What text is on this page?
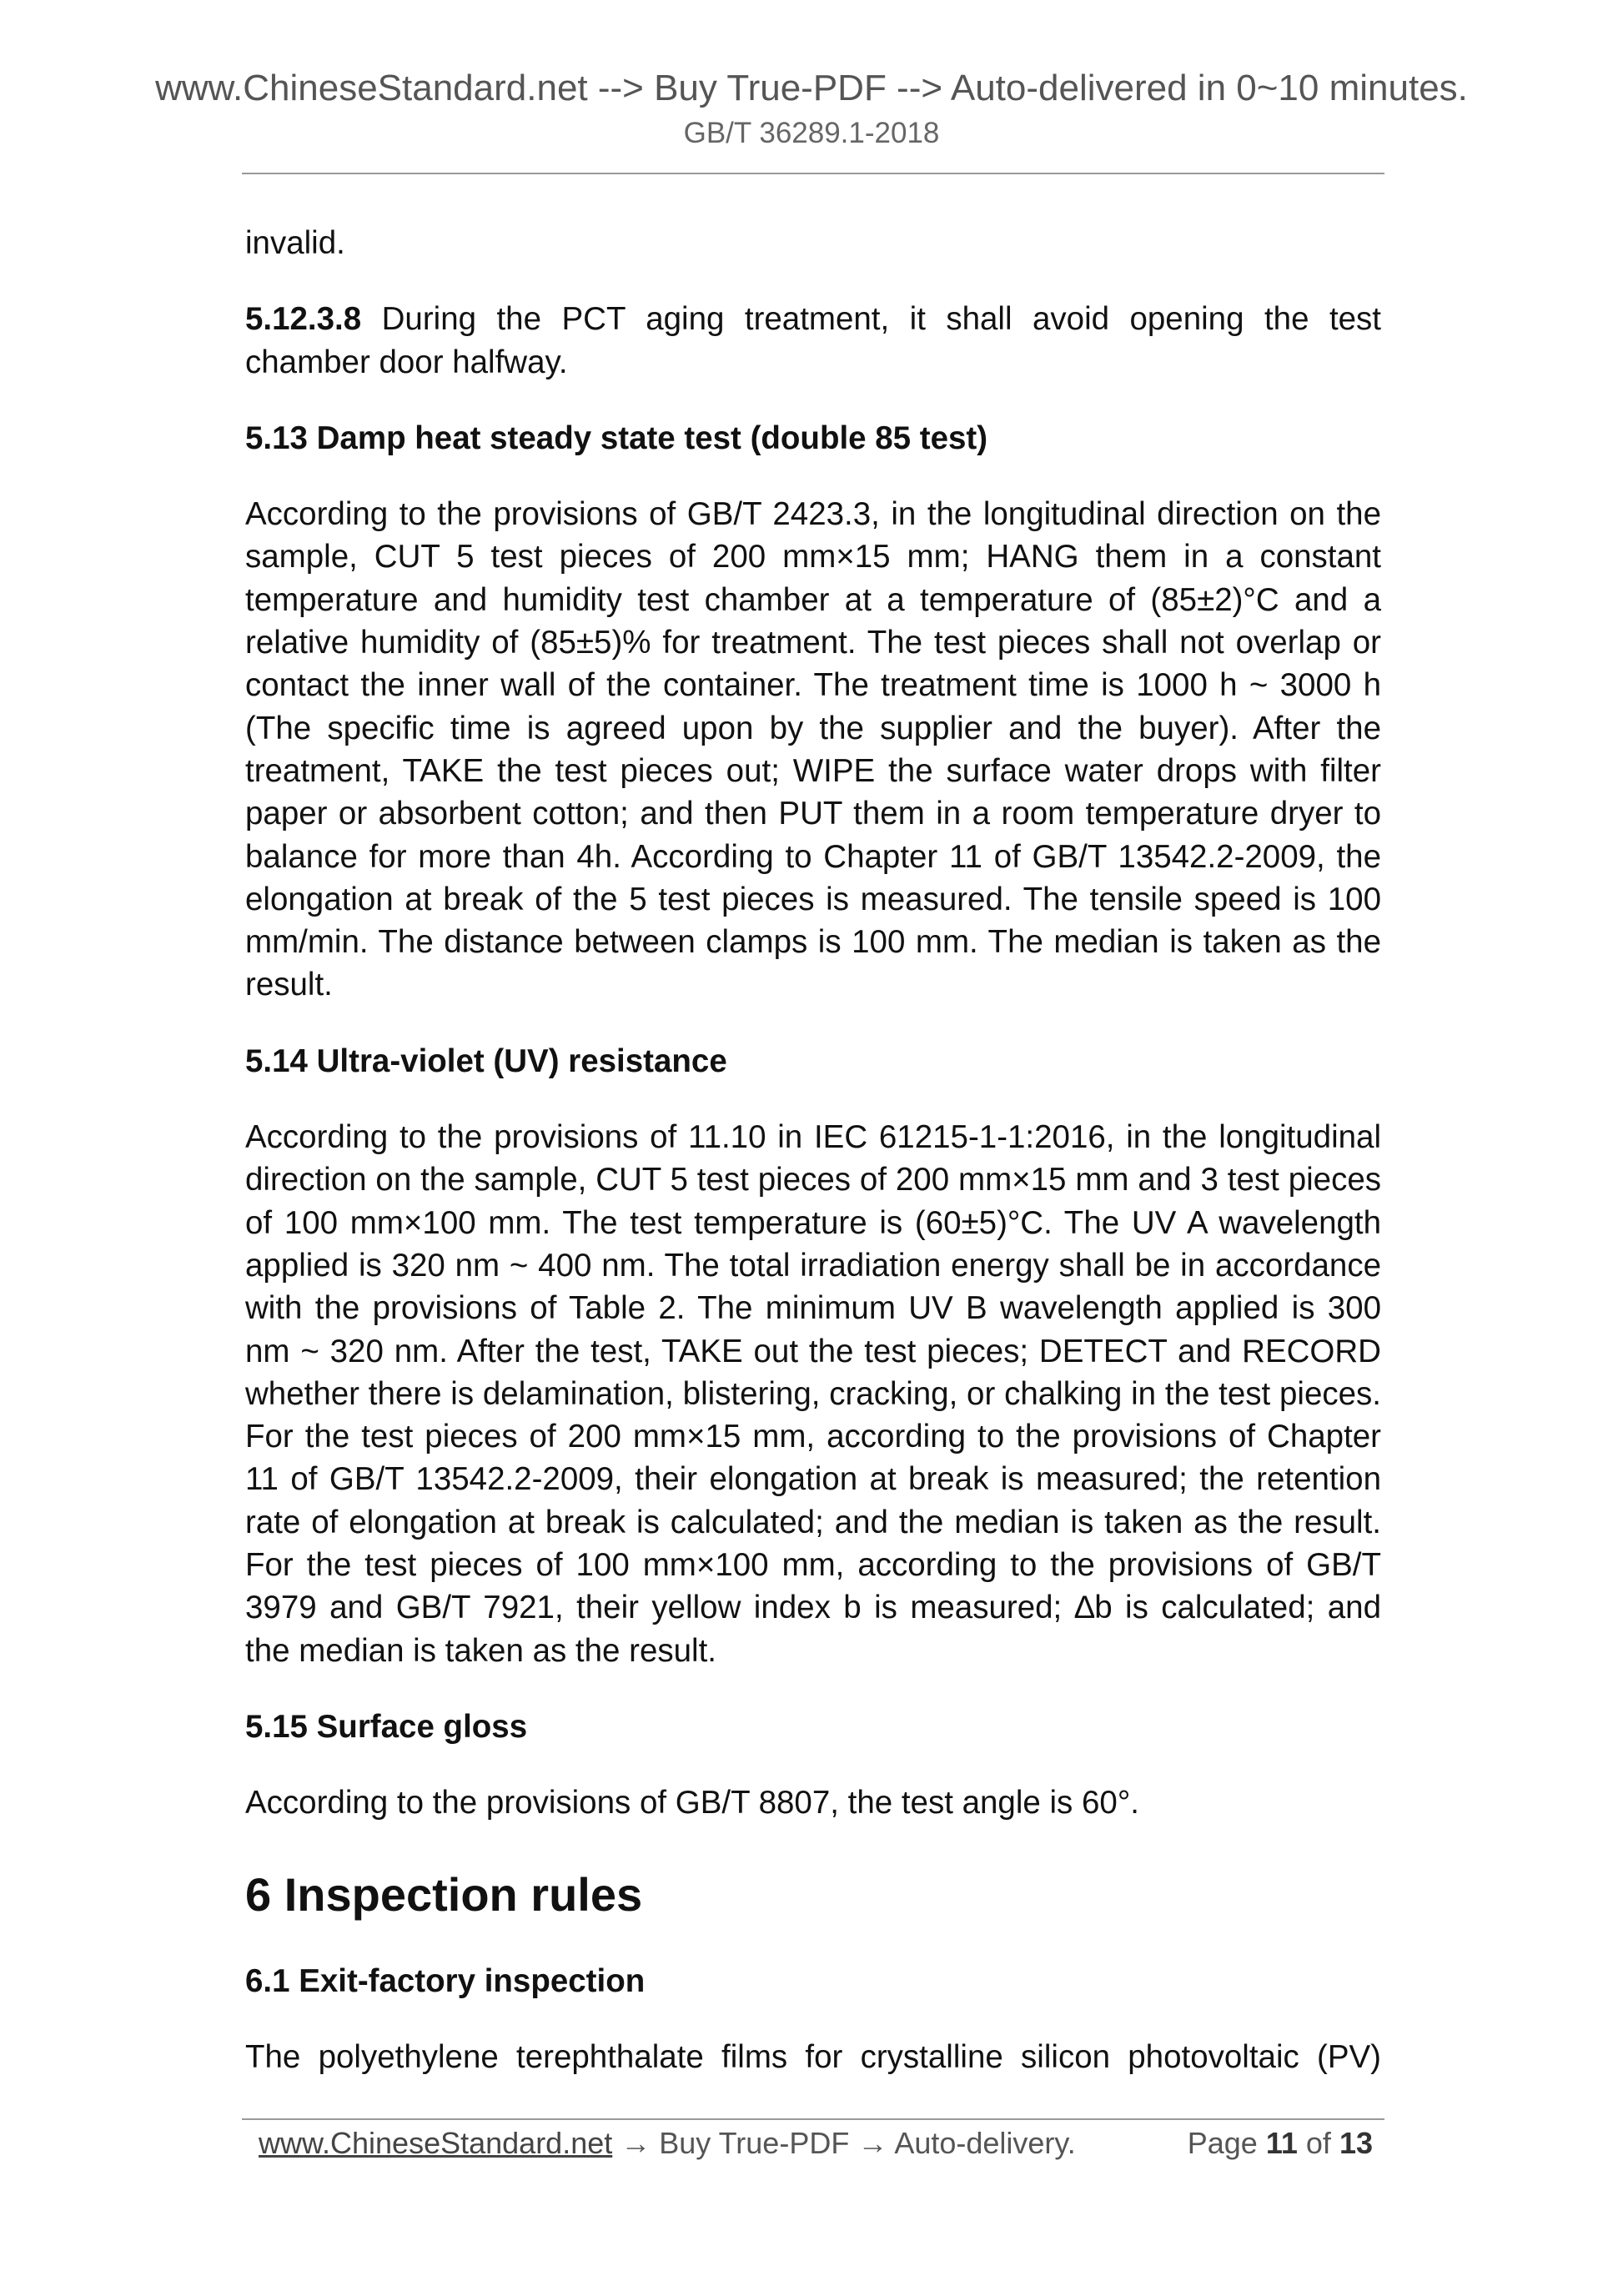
www.ChineseStandard.net --> Buy True-PDF --> Auto-delivered in 0~10 minutes.
GB/T 36289.1-2018

invalid.

5.12.3.8 During the PCT aging treatment, it shall avoid opening the test chamber door halfway.

5.13 Damp heat steady state test (double 85 test)

According to the provisions of GB/T 2423.3, in the longitudinal direction on the sample, CUT 5 test pieces of 200 mm×15 mm; HANG them in a constant temperature and humidity test chamber at a temperature of (85±2)°C and a relative humidity of (85±5)% for treatment. The test pieces shall not overlap or contact the inner wall of the container. The treatment time is 1000 h ~ 3000 h (The specific time is agreed upon by the supplier and the buyer). After the treatment, TAKE the test pieces out; WIPE the surface water drops with filter paper or absorbent cotton; and then PUT them in a room temperature dryer to balance for more than 4h. According to Chapter 11 of GB/T 13542.2-2009, the elongation at break of the 5 test pieces is measured. The tensile speed is 100 mm/min. The distance between clamps is 100 mm. The median is taken as the result.

5.14 Ultra-violet (UV) resistance

According to the provisions of 11.10 in IEC 61215-1-1:2016, in the longitudinal direction on the sample, CUT 5 test pieces of 200 mm×15 mm and 3 test pieces of 100 mm×100 mm. The test temperature is (60±5)°C. The UV A wavelength applied is 320 nm ~ 400 nm. The total irradiation energy shall be in accordance with the provisions of Table 2. The minimum UV B wavelength applied is 300 nm ~ 320 nm. After the test, TAKE out the test pieces; DETECT and RECORD whether there is delamination, blistering, cracking, or chalking in the test pieces. For the test pieces of 200 mm×15 mm, according to the provisions of Chapter 11 of GB/T 13542.2-2009, their elongation at break is measured; the retention rate of elongation at break is calculated; and the median is taken as the result. For the test pieces of 100 mm×100 mm, according to the provisions of GB/T 3979 and GB/T 7921, their yellow index b is measured; ∆b is calculated; and the median is taken as the result.

5.15 Surface gloss

According to the provisions of GB/T 8807, the test angle is 60°.

6 Inspection rules
6.1 Exit-factory inspection

The polyethylene terephthalate films for crystalline silicon photovoltaic (PV)

www.ChineseStandard.net → Buy True-PDF → Auto-delivery.	Page 11 of 13
